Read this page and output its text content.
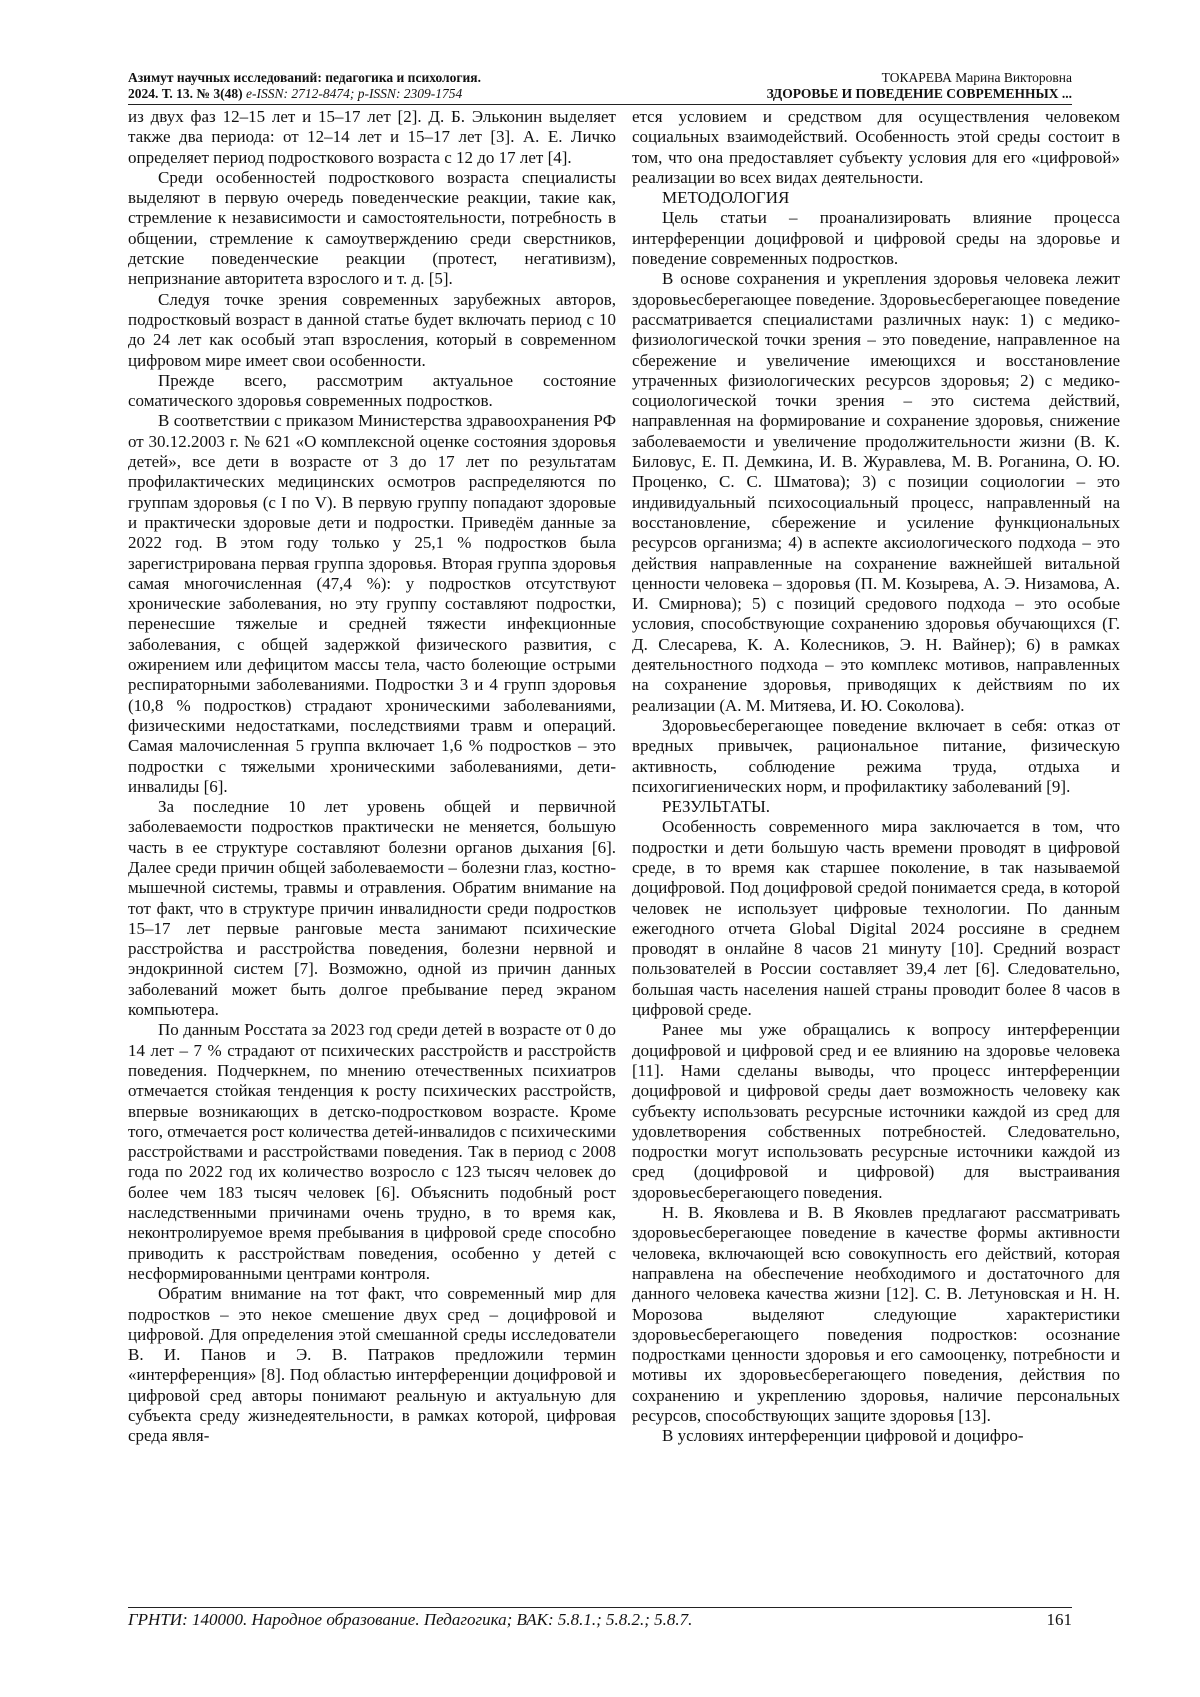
Азимут научных исследований: педагогика и психология.
2024. Т. 13. № 3(48) e-ISSN: 2712-8474; p-ISSN: 2309-1754
ТОКАРЕВА Марина Викторовна
ЗДОРОВЬЕ И ПОВЕДЕНИЕ СОВРЕМЕННЫХ ...

из двух фаз 12–15 лет и 15–17 лет [2]. Д. Б. Эльконин выделяет также два периода: от 12–14 лет и 15–17 лет [3]. А. Е. Личко определяет период подросткового возраста с 12 до 17 лет [4].

Среди особенностей подросткового возраста специалисты выделяют в первую очередь поведенческие реакции, такие как, стремление к независимости и самостоятельности, потребность в общении, стремление к самоутверждению среди сверстников, детские поведенческие реакции (протест, негативизм), непризнание авторитета взрослого и т. д. [5].

Следуя точке зрения современных зарубежных авторов, подростковый возраст в данной статье будет включать период с 10 до 24 лет как особый этап взросления, который в современном цифровом мире имеет свои особенности.

Прежде всего, рассмотрим актуальное состояние соматического здоровья современных подростков.

В соответствии с приказом Министерства здравоохранения РФ от 30.12.2003 г. № 621 «О комплексной оценке состояния здоровья детей», все дети в возрасте от 3 до 17 лет по результатам профилактических медицинских осмотров распределяются по группам здоровья (с I по V). В первую группу попадают здоровые и практически здоровые дети и подростки. Приведём данные за 2022 год. В этом году только у 25,1 % подростков была зарегистрирована первая группа здоровья. Вторая группа здоровья самая многочисленная (47,4 %): у подростков отсутствуют хронические заболевания, но эту группу составляют подростки, перенесшие тяжелые и средней тяжести инфекционные заболевания, с общей задержкой физического развития, с ожирением или дефицитом массы тела, часто болеющие острыми респираторными заболеваниями. Подростки 3 и 4 групп здоровья (10,8 % подростков) страдают хроническими заболеваниями, физическими недостатками, последствиями травм и операций. Самая малочисленная 5 группа включает 1,6 % подростков – это подростки с тяжелыми хроническими заболеваниями, дети-инвалиды [6].

За последние 10 лет уровень общей и первичной заболеваемости подростков практически не меняется, большую часть в ее структуре составляют болезни органов дыхания [6]. Далее среди причин общей заболеваемости – болезни глаз, костно-мышечной системы, травмы и отравления. Обратим внимание на тот факт, что в структуре причин инвалидности среди подростков 15–17 лет первые ранговые места занимают психические расстройства и расстройства поведения, болезни нервной и эндокринной систем [7]. Возможно, одной из причин данных заболеваний может быть долгое пребывание перед экраном компьютера.

По данным Росстата за 2023 год среди детей в возрасте от 0 до 14 лет – 7 % страдают от психических расстройств и расстройств поведения. Подчеркнем, по мнению отечественных психиатров отмечается стойкая тенденция к росту психических расстройств, впервые возникающих в детско-подростковом возрасте. Кроме того, отмечается рост количества детей-инвалидов с психическими расстройствами и расстройствами поведения. Так в период с 2008 года по 2022 год их количество возросло с 123 тысяч человек до более чем 183 тысяч человек [6]. Объяснить подобный рост наследственными причинами очень трудно, в то время как, неконтролируемое время пребывания в цифровой среде способно приводить к расстройствам поведения, особенно у детей с несформированными центрами контроля.

Обратим внимание на тот факт, что современный мир для подростков – это некое смешение двух сред – доцифровой и цифровой. Для определения этой смешанной среды исследователи В. И. Панов и Э. В. Патраков предложили термин «интерференция» [8]. Под областью интерференции доцифровой и цифровой сред авторы понимают реальную и актуальную для субъекта среду жизнедеятельности, в рамках которой, цифровая среда явля-

ется условием и средством для осуществления человеком социальных взаимодействий. Особенность этой среды состоит в том, что она предоставляет субъекту условия для его «цифровой» реализации во всех видах деятельности.

МЕТОДОЛОГИЯ

Цель статьи – проанализировать влияние процесса интерференции доцифровой и цифровой среды на здоровье и поведение современных подростков.

В основе сохранения и укрепления здоровья человека лежит здоровьесберегающее поведение. Здоровьесберегающее поведение рассматривается специалистами различных наук: 1) с медико-физиологической точки зрения – это поведение, направленное на сбережение и увеличение имеющихся и восстановление утраченных физиологических ресурсов здоровья; 2) с медико-социологической точки зрения – это система действий, направленная на формирование и сохранение здоровья, снижение заболеваемости и увеличение продолжительности жизни (В. К. Биловус, Е. П. Демкина, И. В. Журавлева, М. В. Роганина, О. Ю. Проценко, С. С. Шматова); 3) с позиции социологии – это индивидуальный психосоциальный процесс, направленный на восстановление, сбережение и усиление функциональных ресурсов организма; 4) в аспекте аксиологического подхода – это действия направленные на сохранение важнейшей витальной ценности человека – здоровья (П. М. Козырева, А. Э. Низамова, А. И. Смирнова); 5) с позиций средового подхода – это особые условия, способствующие сохранению здоровья обучающихся (Г. Д. Слесарева, К. А. Колесников, Э. Н. Вайнер); 6) в рамках деятельностного подхода – это комплекс мотивов, направленных на сохранение здоровья, приводящих к действиям по их реализации (А. М. Митяева, И. Ю. Соколова).

Здоровьесберегающее поведение включает в себя: отказ от вредных привычек, рациональное питание, физическую активность, соблюдение режима труда, отдыха и психогигиенических норм, и профилактику заболеваний [9].

РЕЗУЛЬТАТЫ.

Особенность современного мира заключается в том, что подростки и дети большую часть времени проводят в цифровой среде, в то время как старшее поколение, в так называемой доцифровой. Под доцифровой средой понимается среда, в которой человек не использует цифровые технологии. По данным ежегодного отчета Global Digital 2024 россияне в среднем проводят в онлайне 8 часов 21 минуту [10]. Средний возраст пользователей в России составляет 39,4 лет [6]. Следовательно, большая часть населения нашей страны проводит более 8 часов в цифровой среде.

Ранее мы уже обращались к вопросу интерференции доцифровой и цифровой сред и ее влиянию на здоровье человека [11]. Нами сделаны выводы, что процесс интерференции доцифровой и цифровой среды дает возможность человеку как субъекту использовать ресурсные источники каждой из сред для удовлетворения собственных потребностей. Следовательно, подростки могут использовать ресурсные источники каждой из сред (доцифровой и цифровой) для выстраивания здоровьесберегающего поведения.

Н. В. Яковлева и В. В Яковлев предлагают рассматривать здоровьесберегающее поведение в качестве формы активности человека, включающей всю совокупность его действий, которая направлена на обеспечение необходимого и достаточного для данного человека качества жизни [12]. С. В. Летуновская и Н. Н. Морозова выделяют следующие характеристики здоровьесберегающего поведения подростков: осознание подростками ценности здоровья и его самооценку, потребности и мотивы их здоровьесберегающего поведения, действия по сохранению и укреплению здоровья, наличие персональных ресурсов, способствующих защите здоровья [13].

В условиях интерференции цифровой и доцифро-

ГРНТИ: 140000. Народное образование. Педагогика; ВАК: 5.8.1.; 5.8.2.; 5.8.7.	161
